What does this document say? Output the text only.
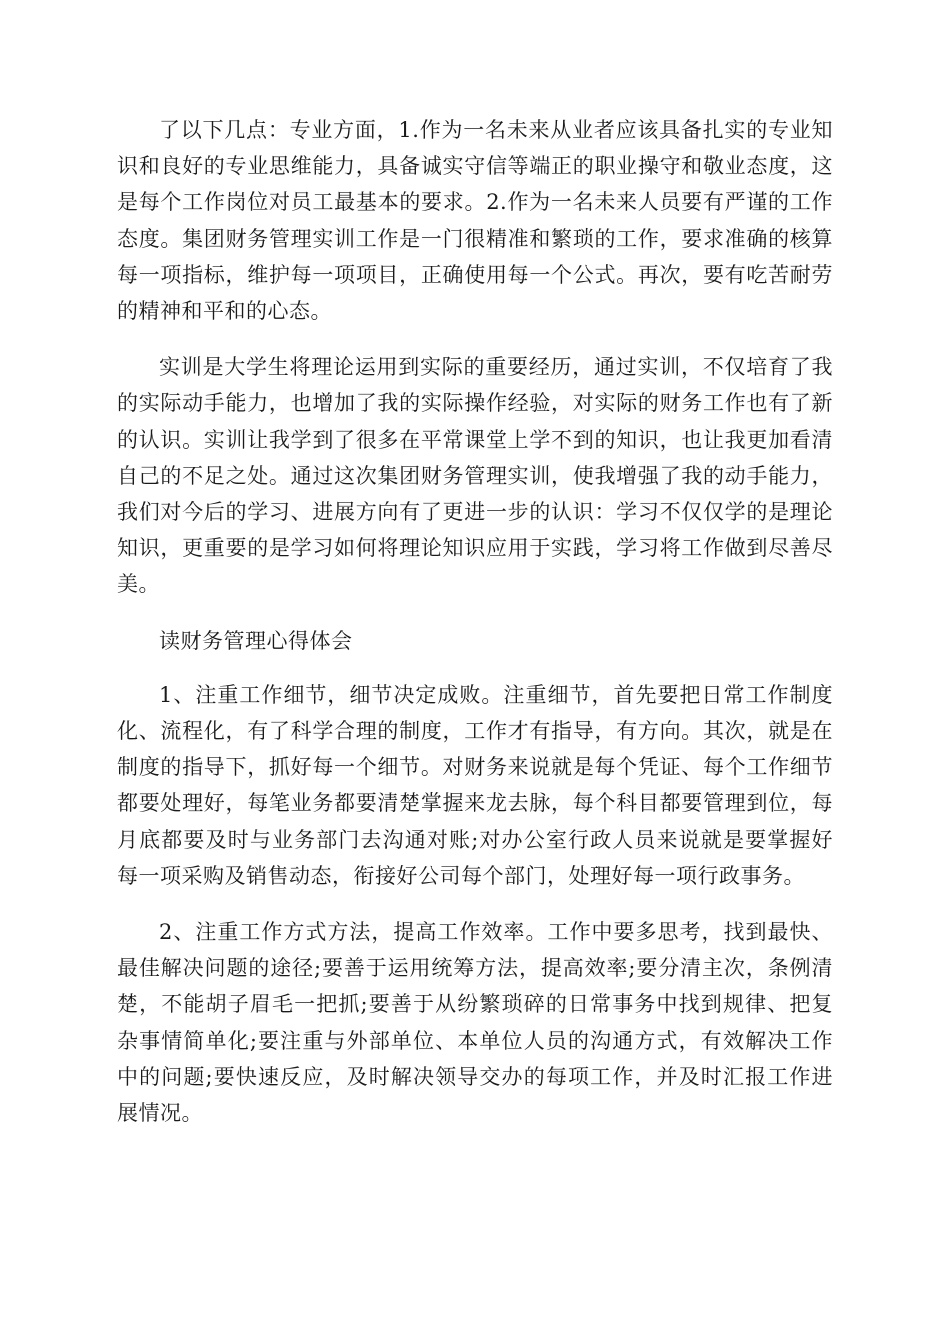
了以下几点：专业方面，1.作为一名未来从业者应该具备扎实的专业知识和良好的专业思维能力，具备诚实守信等端正的职业操守和敬业态度，这是每个工作岗位对员工最基本的要求。2.作为一名未来人员要有严谨的工作态度。集团财务管理实训工作是一门很精准和繁琐的工作，要求准确的核算每一项指标，维护每一项项目，正确使用每一个公式。再次，要有吃苦耐劳的精神和平和的心态。

实训是大学生将理论运用到实际的重要经历，通过实训，不仅培育了我的实际动手能力，也增加了我的实际操作经验，对实际的财务工作也有了新的认识。实训让我学到了很多在平常课堂上学不到的知识，也让我更加看清自己的不足之处。通过这次集团财务管理实训，使我增强了我的动手能力，我们对今后的学习、进展方向有了更进一步的认识：学习不仅仅学的是理论知识，更重要的是学习如何将理论知识应用于实践，学习将工作做到尽善尽美。

读财务管理心得体会

1、注重工作细节，细节决定成败。注重细节，首先要把日常工作制度化、流程化，有了科学合理的制度，工作才有指导，有方向。其次，就是在制度的指导下，抓好每一个细节。对财务来说就是每个凭证、每个工作细节都要处理好，每笔业务都要清楚掌握来龙去脉，每个科目都要管理到位，每月底都要及时与业务部门去沟通对账;对办公室行政人员来说就是要掌握好每一项采购及销售动态，衔接好公司每个部门，处理好每一项行政事务。

2、注重工作方式方法，提高工作效率。工作中要多思考，找到最快、最佳解决问题的途径;要善于运用统筹方法，提高效率;要分清主次，条例清楚，不能胡子眉毛一把抓;要善于从纷繁琐碎的日常事务中找到规律、把复杂事情简单化;要注重与外部单位、本单位人员的沟通方式，有效解决工作中的问题;要快速反应，及时解决领导交办的每项工作，并及时汇报工作进展情况。
